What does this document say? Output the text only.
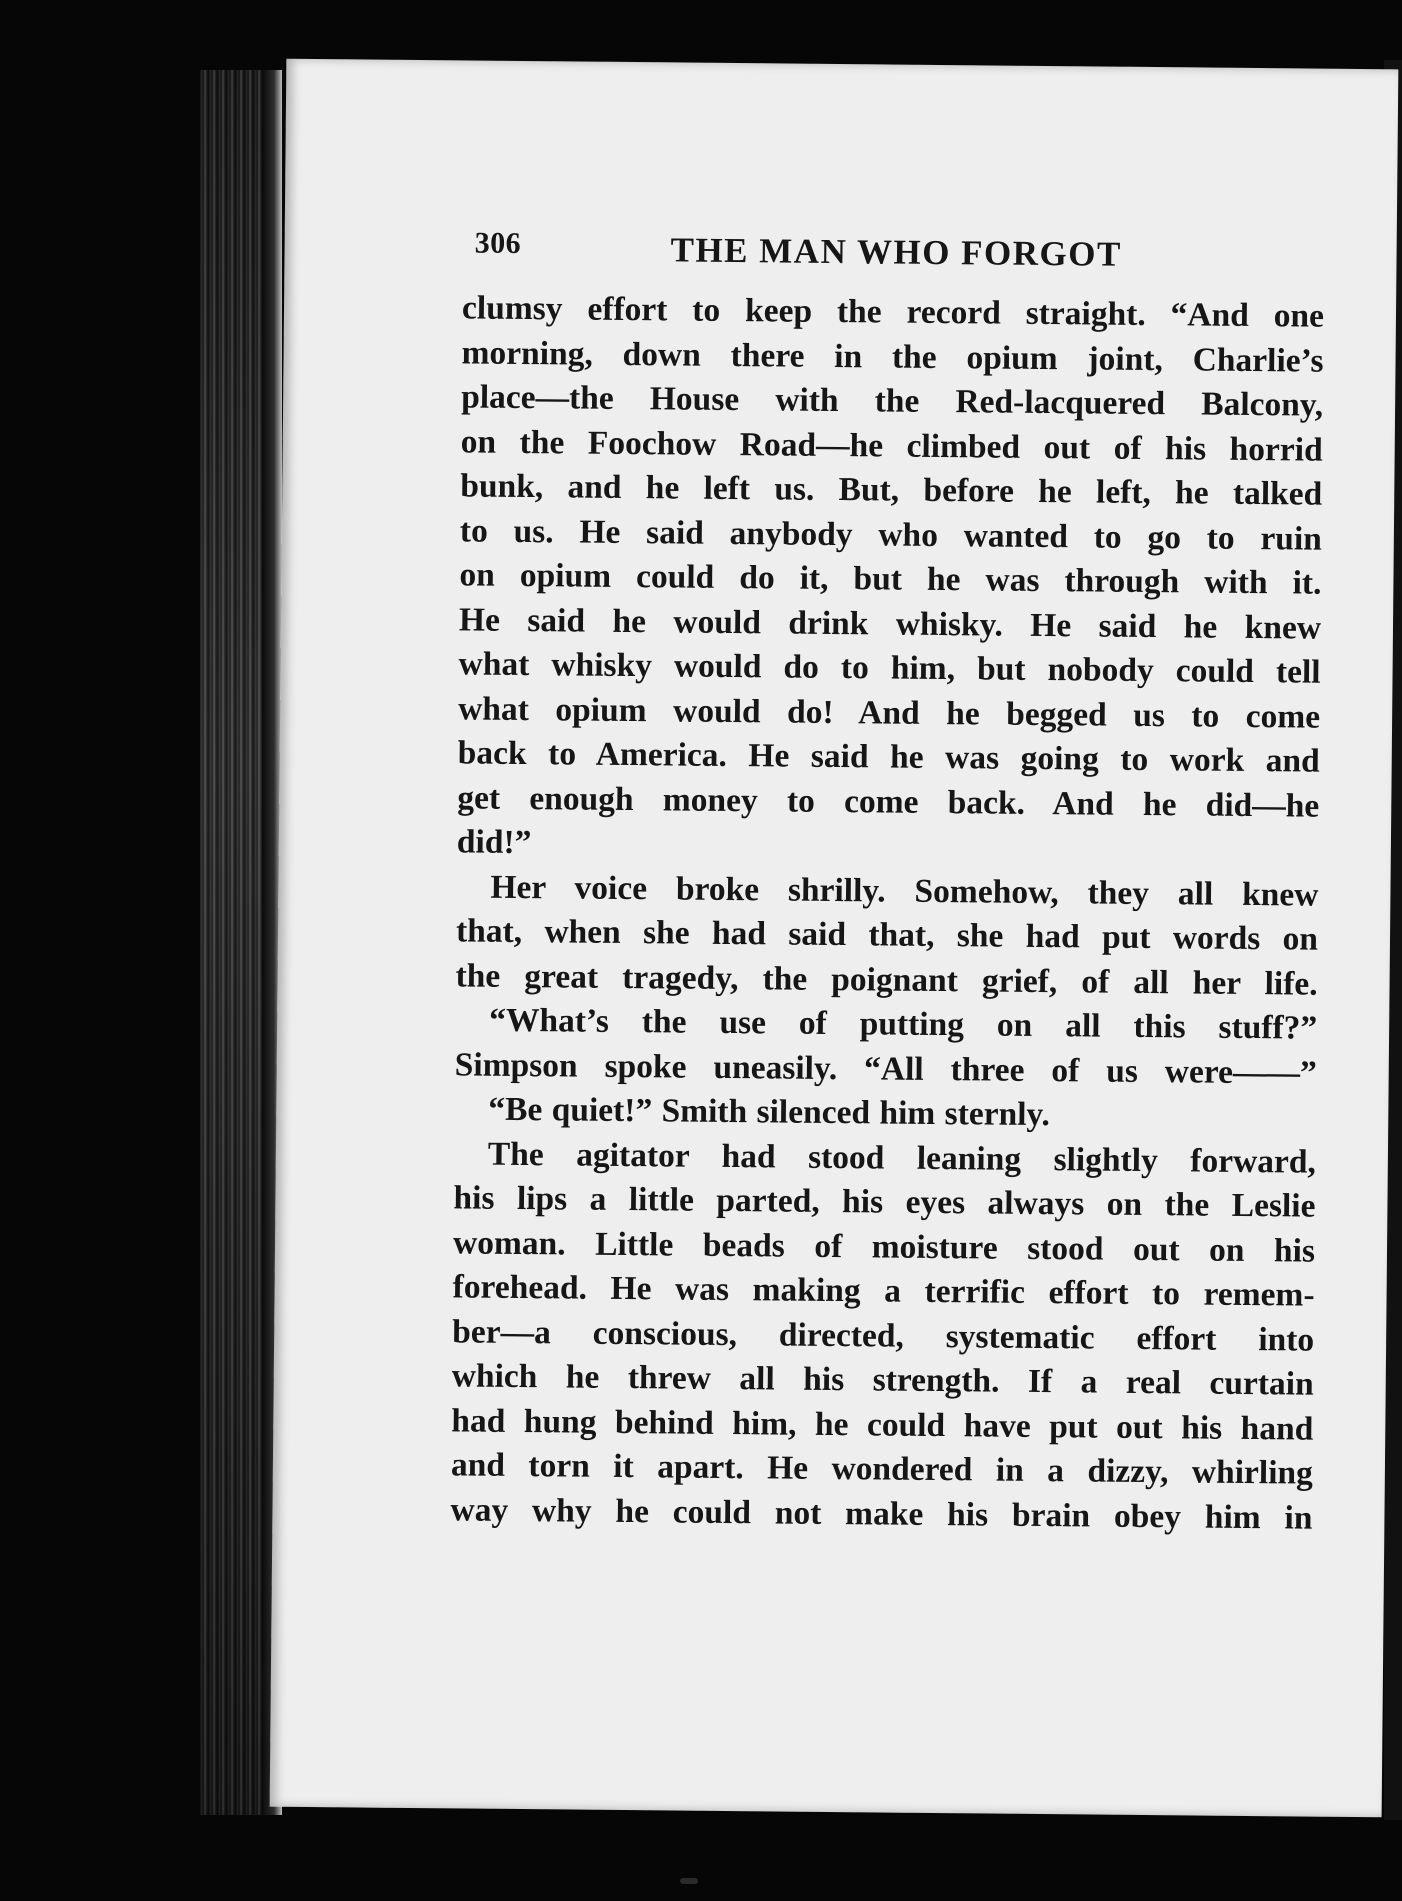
306	THE MAN WHO FORGOT
clumsy effort to keep the record straight. “And one
morning, down there in the opium joint, Charlie’s
place—the House with the Red-lacquered Balcony,
on the Foochow Road—he climbed out of his horrid
bunk, and he left us. But, before he left, he talked
to us. He said anybody who wanted to go to ruin
on opium could do it, but he was through with it.
He said he would drink whisky. He said he knew
what whisky would do to him, but nobody could tell
what opium would do! And he begged us to come
back to America. He said he was going to work and
get enough money to come back. And he did—he
did!”
Her voice broke shrilly. Somehow, they all knew
that, when she had said that, she had put words on
the great tragedy, the poignant grief, of all her life.
“What’s the use of putting on all this stuff?”
Simpson spoke uneasily. “All three of us were——”
“Be quiet!” Smith silenced him sternly.
The agitator had stood leaning slightly forward,
his lips a little parted, his eyes always on the Leslie
woman. Little beads of moisture stood out on his
forehead. He was making a terrific effort to remem-
ber—a conscious, directed, systematic effort into
which he threw all his strength. If a real curtain
had hung behind him, he could have put out his hand
and torn it apart. He wondered in a dizzy, whirling
way why he could not make his brain obey him in
